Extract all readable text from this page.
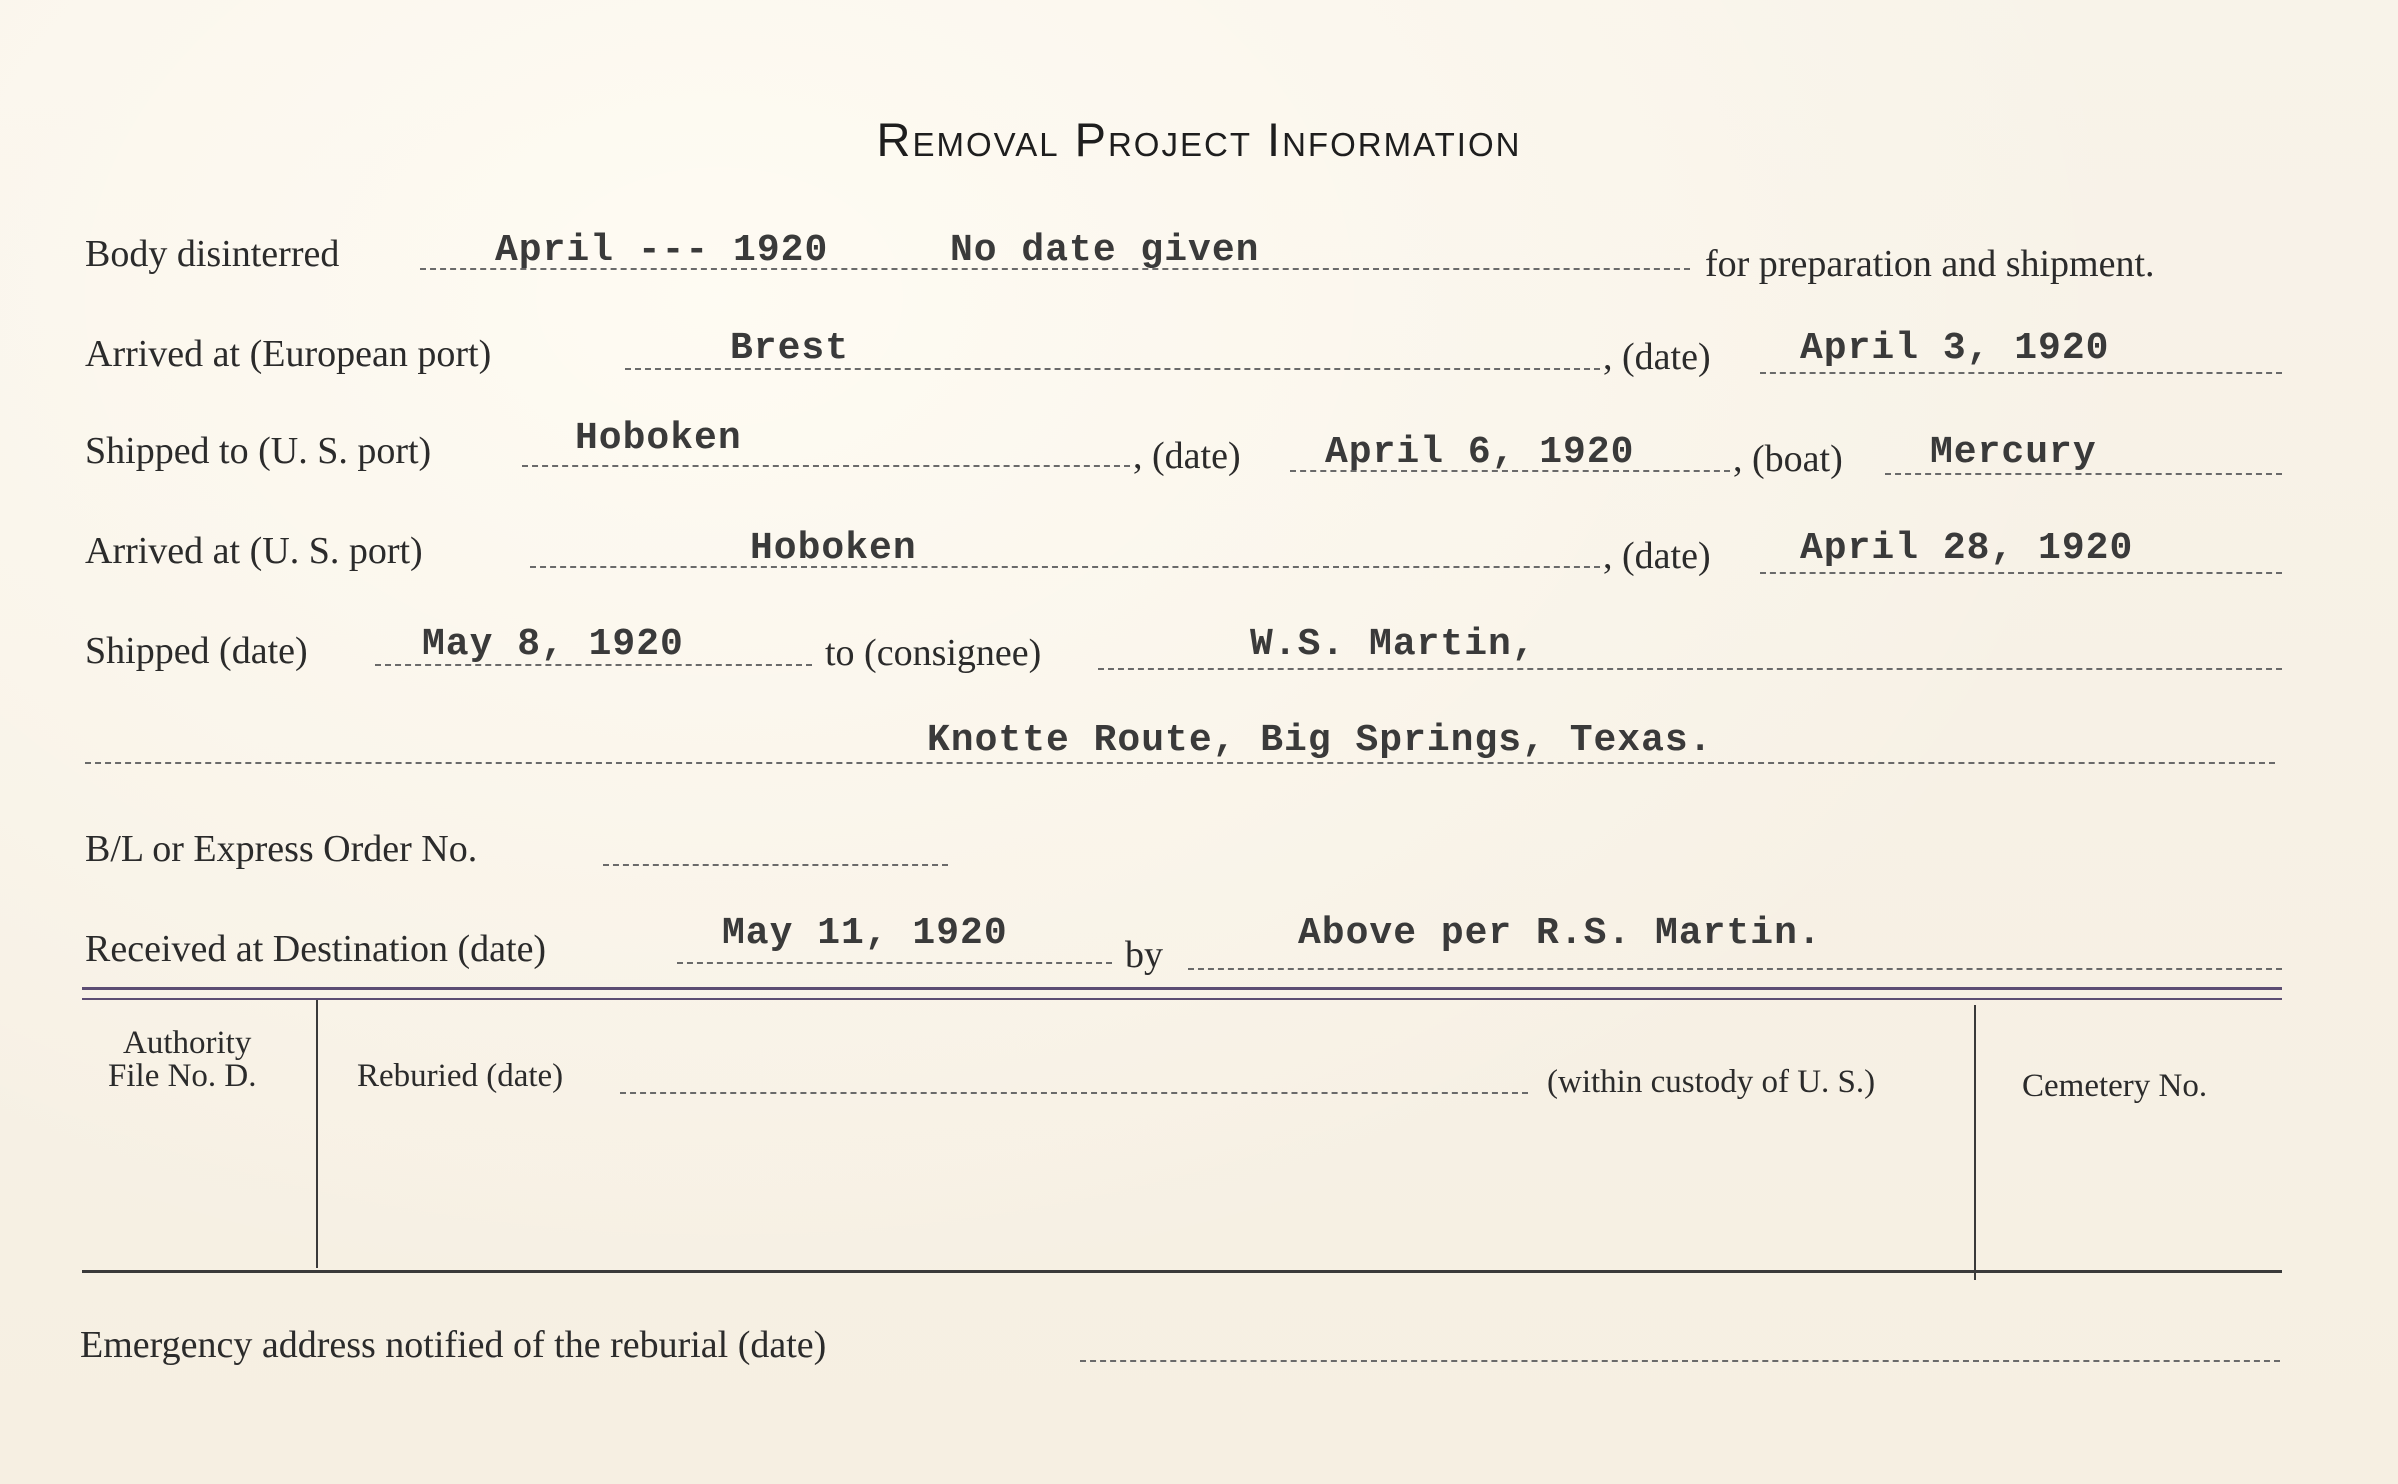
Removal Project Information
Body disinterred	April --- 1920	No date given	for preparation and shipment.
Arrived at (European port)	Brest	, (date) April 3, 1920
Shipped to (U. S. port)	Hoboken	, (date) April 6, 1920	, (boat) Mercury
Arrived at (U. S. port)	Hoboken	, (date) April 28, 1920
Shipped (date)	May 8, 1920	to (consignee)	W.S. Martin,
Knotte Route, Big Springs, Texas.
B/L or Express Order No.
Received at Destination (date)	May 11, 1920	by	Above per R.S. Martin.
Authority
File No. D.	Reburied (date)	(within custody of U. S.)	Cemetery No.
Emergency address notified of the reburial (date)
